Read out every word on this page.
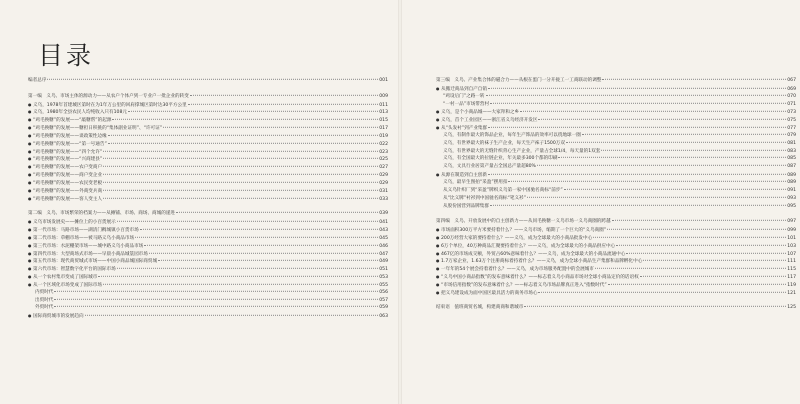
目录
编者总序	001
第一编　义乌、市场主体的源动力——从农户个体户到一专业户一批企业的转变	009
● 义乌，1978年首建城区第时在为1年万公里的回肩撑城区第时达30平方公里	011
● 义乌，1980年全县农民人均纯收入只有108元	013
● “鸡毛换糖”的发展——“敲糖帮”的起源	015
● “鸡毛换糖”的发展——糖担日积挑的“集体副业证明”、“许可证”	017
● “鸡毛换糖”的发展——谈政策性边缘	019
● “鸡毛换糖”的发展——“第一号通告”	022
● “鸡毛换糖”的发展——“四个允许”	023
● “鸡毛换糖”的发展——“兴商建县”	025
● “鸡毛换糖”的发展——农户变商户	027
● “鸡毛换糖”的发展——商户变企业	029
● “鸡毛换糖”的发展——农民变老板	029
● “鸡毛换糖”的发展——外商变兵商	031
● “鸡毛换糖”的发展——客人变主人	033
第二编　义乌、市场繁荣的档案力——从摊铺、市场、商场、商城的递进	039
● 义乌市场发展史——摊位上的小百货展示	041
● 第一代市场：马路市场——湖清门稠城镇小百货市场	043
● 第二代市场：草棚市场——被马路义乌小商品市场	045
● 第三代市场：水泥棚架市场——城中路义乌小商品市场	046
● 第四代市场：大型商场式市场——早晨小商品城篁园市场	047
● 第五代市场：现代商贸城式市场——中国小商品城国际商贸城	049
● 第六代市场：智慧数字化平台的国际市场	051
● 从一个农村集市变成了国际城市	053
● 从一个区域化市场变成了国际市场	055
内贸时代	056
出贸时代	057
外贸时代	059
● 国际商贸城市的发展趋向	063
第三编　义乌、产业集合体的磁合力——从根在蛋门一分开拢工一工商联动的调整	067
● 从搬迁商品到自产自销	069
“鸡设后门”之路一转	070
“一村一品”市场带营村	071
● 义乌，是个小商品城——大家拜和之乡	073
● 义乌，首个工业园区——浙江省义乌经济开发区	075
● 从“头发衬”到产业集群	077
义乌，有制作最大的饰品企业，每年生产饰品的效率可以绕地球一圈	079
义乌，有世界最大的袜子生产企业，每天生产袜子1500万双	081
义乌，有世界最大的无缝针织背心生产企业，产量占全球1/4，每天量的1双套	083
义乌，有全国最大的拉链企业，年关最多300个都的印刷	085
义乌，文具行业居第产量占全国总产量超80%	087
● 从源在制造到自主创新	089
义乌，最早生图拍“采盈”摆用扣	089
从义乌针织厂到“采盈”牌织义乌第一家中国驰名商标“前步”	091
从“比义牌”衬衫到中国驰名商标“笔义衫”	093
从股份国营到品牌集群	095
第四编　义乌、开放发展中的自主创新力——从同毛换糖一义乌市场一义乌商圈的跨越	097
● 市场面积300万平方米要持着什么？——义乌市场，缩期了一个巨大的“义乌商圈”	099
● 200万经营大家的要持着什么？——义乌，成为全球最大的小商品批发中心	101
● 6万个单位，40万种商品汇聚要持着什么？——义乌，成为全球最大的小商品供应中心	103
● 467亿的市场成交额，外贸占60%意味着什么？——义乌，成为全球最大的小商品流通中心	107
● 1.7万家企业，1.63万个注册商标着持着什么？——义乌，成为全球小商品生产集群和品牌孵化中心	111
● 一年年的54个展会持着着什么？——义乌，成为市场服务配置中的会展城市	115
● “义乌中国小商品指数”的发布意味着什么？——标志着义乌小商品市场对全球小商品定价的话语权	117
● “市场信用指数”的发布意味着什么？——标志着义乌市场品牌真正进入“指数时代”	119
● 把义乌建设成为面中国区最具活力的商务市场心	121
结束语　值班商贸名城，构建商商和谐城市	125
